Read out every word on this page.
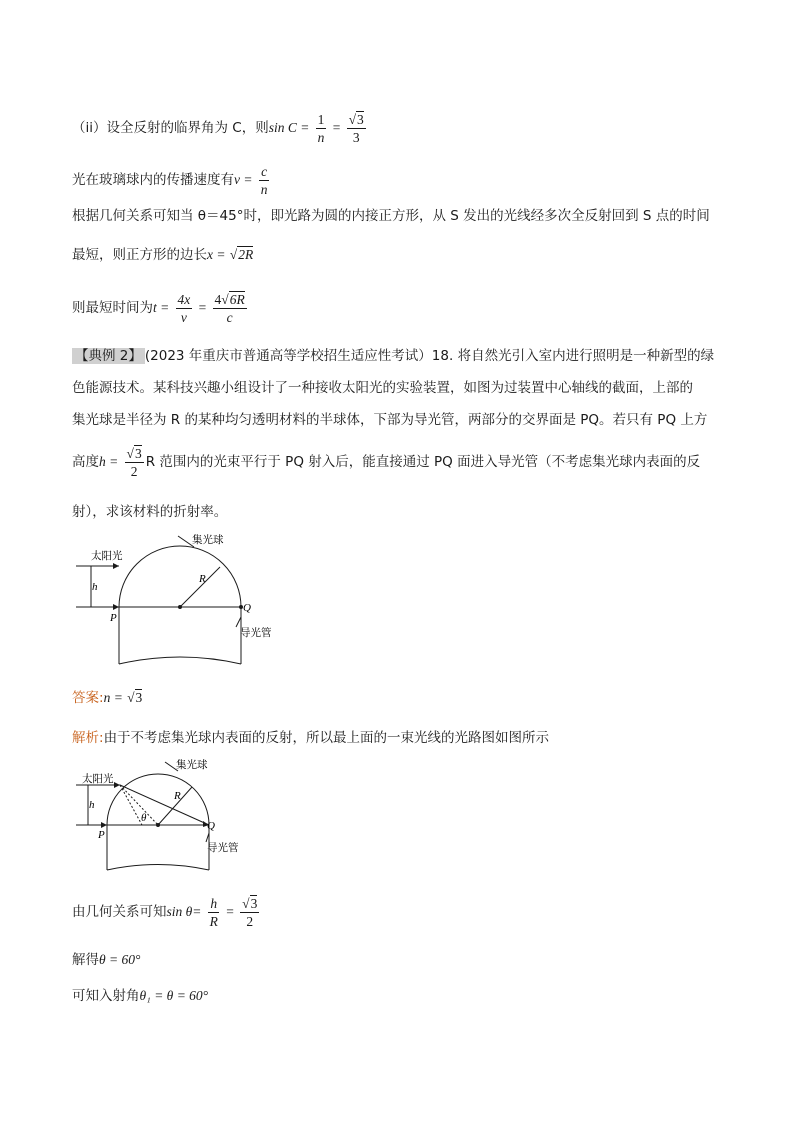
（ii）设全反射的临界角为 C，则$\sin C = \frac{1}{n} = \frac{√3}{3}$
光在玻璃球内的传播速度有$v = \frac{c}{n}$
根据几何关系可知当 θ＝45°时，即光路为圆的内接正方形，从 S 发出的光线经多次全反射回到 S 点的时间
最短，则正方形的边长x = √2R
则最短时间为$t = \frac{4x}{v} = \frac{4√6R}{c}$
【典例 2】 (2023 年重庆市普通高等学校招生适应性考试）18. 将自然光引入室内进行照明是一种新型的绿
色能源技术。某科技兴趣小组设计了一种接收太阳光的实验装置，如图为过装置中心轴线的截面，上部的
集光球是半径为 R 的某种均匀透明材料的半球体，下部为导光管，两部分的交界面是 PQ。若只有 PQ 上方
高度$h = \frac{√3}{2}$ R 范围内的光束平行于 PQ 射入后，能直接通过 PQ 面进入导光管（不考虑集光球内表面的反
射），求该材料的折射率。
太阳光
集光球
导光管
h
R
P
Q
答案:n = √3
解析:由于不考虑集光球内表面的反射，所以最上面的一束光线的光路图如图所示
太阳光
集光球
导光管
h
R
P
Q
θ
由几何关系可知$\sin \theta= \frac{h}{R} = \frac{√3}{2}$
解得θ = 60°
可知入射角θ₁ = θ = 60°
